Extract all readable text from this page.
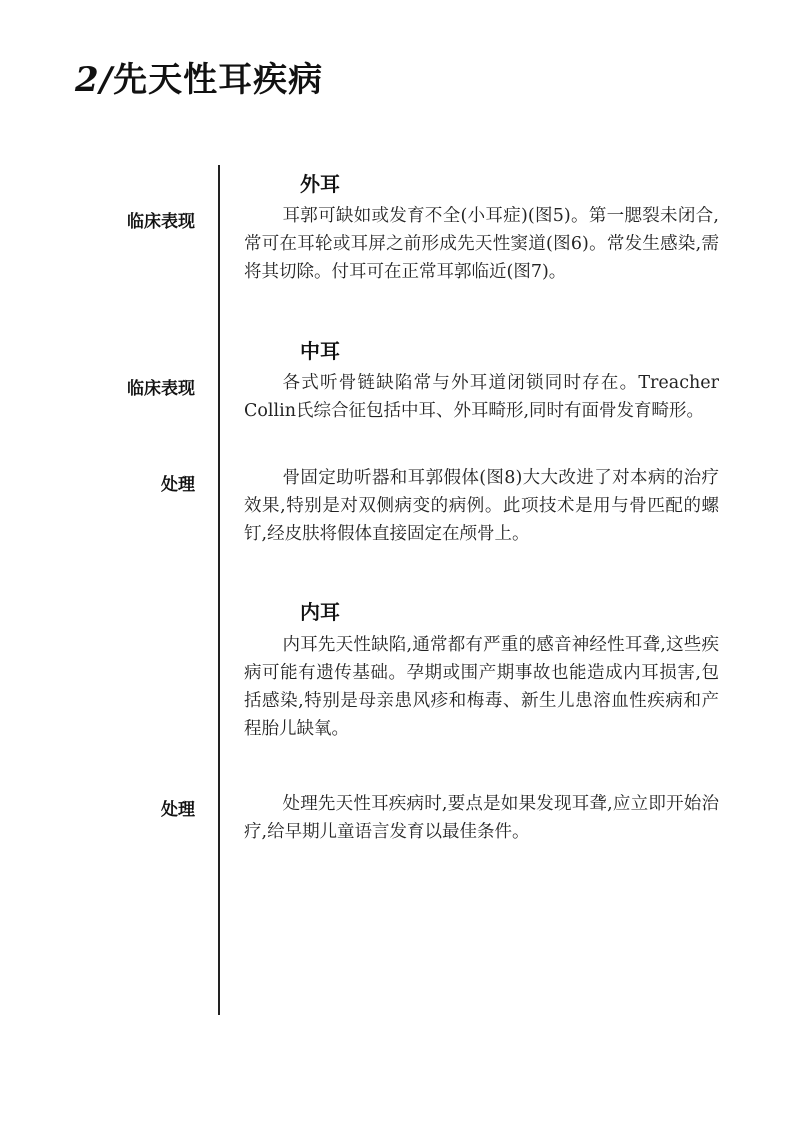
2/先天性耳疾病
外耳
临床表现	耳郭可缺如或发育不全(小耳症)(图5)。第一腮裂未闭合,常可在耳轮或耳屏之前形成先天性窦道(图6)。常发生感染,需将其切除。付耳可在正常耳郭临近(图7)。

中耳
临床表现	各式听骨链缺陷常与外耳道闭锁同时存在。Treacher Collin氏综合征包括中耳、外耳畸形,同时有面骨发育畸形。

处理	骨固定助听器和耳郭假体(图8)大大改进了对本病的治疗效果,特别是对双侧病变的病例。此项技术是用与骨匹配的螺钉,经皮肤将假体直接固定在颅骨上。

内耳

内耳先天性缺陷,通常都有严重的感音神经性耳聋,这些疾病可能有遗传基础。孕期或围产期事故也能造成内耳损害,包括感染,特别是母亲患风疹和梅毒、新生儿患溶血性疾病和产程胎儿缺氧。

处理	处理先天性耳疾病时,要点是如果发现耳聋,应立即开始治疗,给早期儿童语言发育以最佳条件。
